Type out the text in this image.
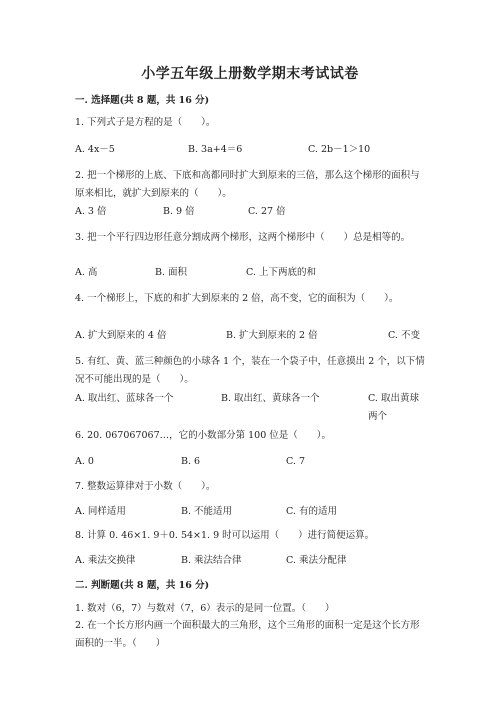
小学五年级上册数学期末考试试卷
一. 选择题(共 8 题，共 16 分)
1. 下列式子是方程的是（　　）。
A. 4x－5	B. 3a+4＝6	C. 2b－1＞10
2. 把一个梯形的上底、下底和高都同时扩大到原来的三倍，那么这个梯形的面积与原来相比，就扩大到原来的（　　）。
A. 3 倍	B. 9 倍	C. 27 倍
3. 把一个平行四边形任意分割成两个梯形，这两个梯形中（　　）总是相等的。
A. 高	B. 面积	C. 上下两底的和
4. 一个梯形上，下底的和扩大到原来的 2 倍，高不变，它的面积为（　　）。
A. 扩大到原来的 4 倍	B. 扩大到原来的 2 倍	C. 不变
5. 有红、黄、蓝三种颜色的小球各 1 个，装在一个袋子中，任意摸出 2 个，以下情况不可能出现的是（　　）。
A. 取出红、蓝球各一个	B. 取出红、黄球各一个	C. 取出黄球两个
6. 20. 067067067…，它的小数部分第 100 位是（　　）。
A. 0	B. 6	C. 7
7. 整数运算律对于小数（　　）。
A. 同样适用	B. 不能适用	C. 有的适用
8. 计算 0. 46×1. 9＋0. 54×1. 9 时可以运用（　　）进行简便运算。
A. 乘法交换律	B. 乘法结合律	C. 乘法分配律
二. 判断题(共 8 题，共 16 分)
1. 数对（6，7）与数对（7，6）表示的是同一位置。（　　）
2. 在一个长方形内画一个面积最大的三角形，这个三角形的面积一定是这个长方形面积的一半。（　　）
